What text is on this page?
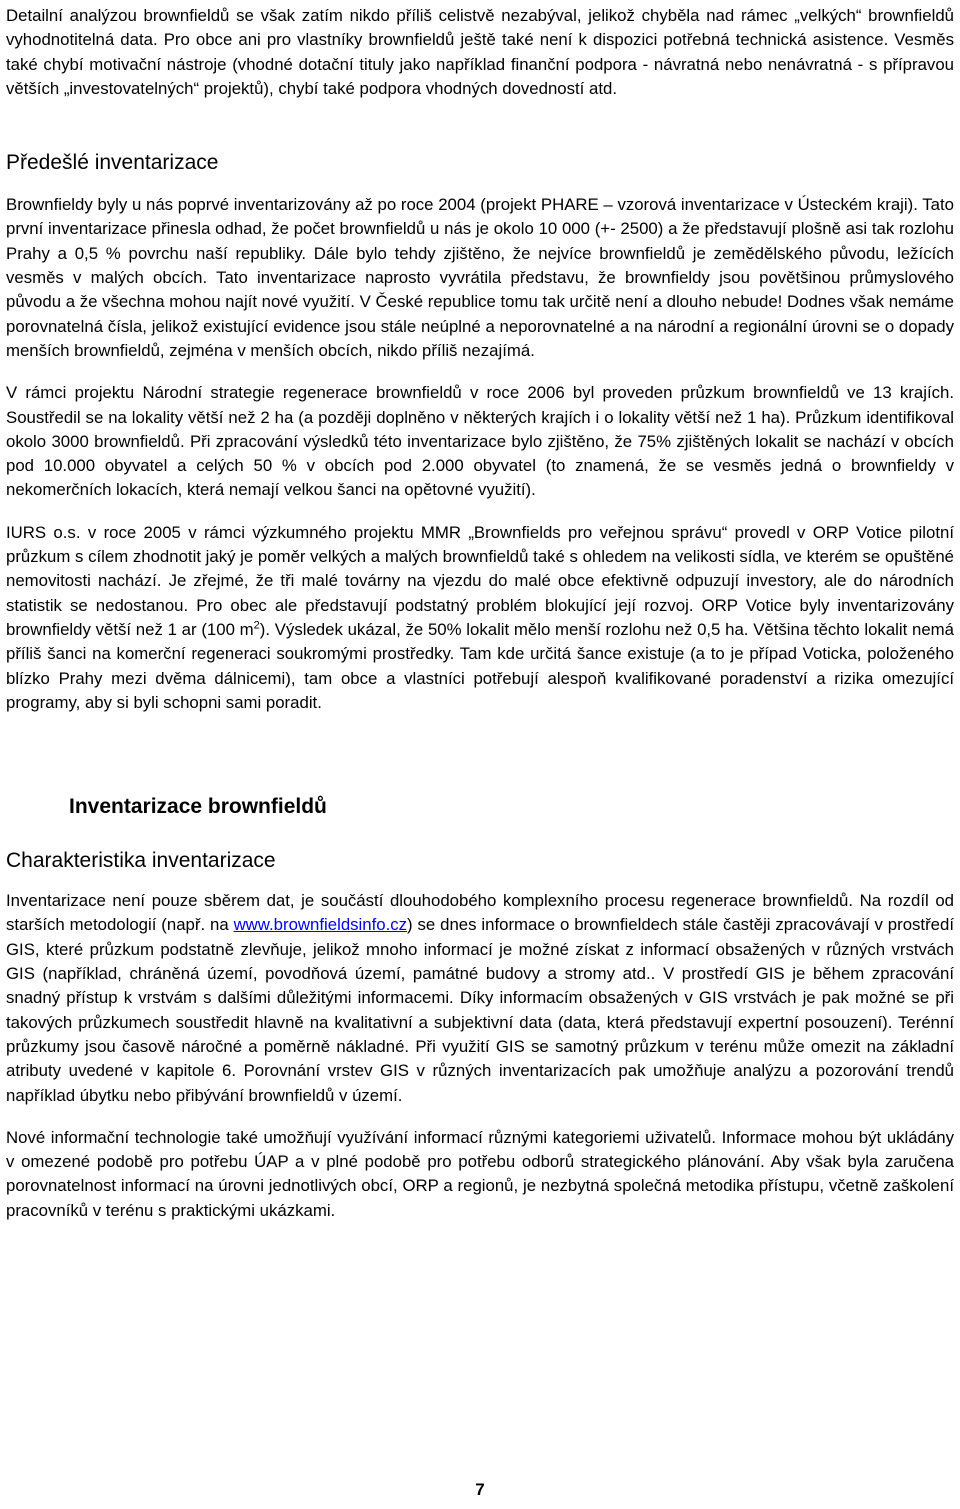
Detailní analýzou brownfieldů se však zatím nikdo příliš celistvě nezabýval, jelikož chyběla nad rámec „velkých“ brownfieldů vyhodnotitelná data. Pro obce ani pro vlastníky brownfieldů ještě také není k dispozici potřebná technická asistence. Vesměs také chybí motivační nástroje (vhodné dotační tituly jako například finanční podpora - návratná nebo nenávratná - s přípravou větších „investovatelných“ projektů), chybí také podpora vhodných dovedností atd.

Předešlé inventarizace

Brownfieldy byly u nás poprvé inventarizovány až po roce 2004 (projekt PHARE – vzorová inventarizace v Ústeckém kraji). Tato první inventarizace přinesla odhad, že počet brownfieldů u nás je okolo 10 000 (+- 2500) a že představují plošně asi tak rozlohu Prahy a 0,5 % povrchu naší republiky. Dále bylo tehdy zjištěno, že nejvíce brownfieldů je zemědělského původu, ležících vesměs v malých obcích. Tato inventarizace naprosto vyvrátila představu, že brownfieldy jsou povětšinou průmyslového původu a že všechna mohou najít nové využití. V České republice tomu tak určitě není a dlouho nebude! Dodnes však nemáme porovnatelná čísla, jelikož existující evidence jsou stále neúplné a neporovnatelné a na národní a regionální úrovni se o dopady menších brownfieldů, zejména v menších obcích, nikdo příliš nezajímá.

V rámci projektu Národní strategie regenerace brownfieldů v roce 2006 byl proveden průzkum brownfieldů ve 13 krajích. Soustředil se na lokality větší než 2 ha (a později doplněno v některých krajích i o lokality větší než 1 ha). Průzkum identifikoval okolo 3000 brownfieldů. Při zpracování výsledků této inventarizace bylo zjištěno, že 75% zjištěných lokalit se nachází v obcích pod 10.000 obyvatel a celých 50 % v obcích pod 2.000 obyvatel (to znamená, že se vesměs jedná o brownfieldy v nekomerčních lokacích, která nemají velkou šanci na opětovné využití).

IURS o.s. v roce 2005 v rámci výzkumného projektu MMR „Brownfields pro veřejnou správu“ provedl v ORP Votice pilotní průzkum s cílem zhodnotit jaký je poměr velkých a malých brownfieldů také s ohledem na velikosti sídla, ve kterém se opuštěné nemovitosti nachází. Je zřejmé, že tři malé továrny na vjezdu do malé obce efektivně odpuzují investory, ale do národních statistik se nedostanou. Pro obec ale představují podstatný problém blokující její rozvoj. ORP Votice byly inventarizovány brownfieldy větší než 1 ar (100 $m^2$). Výsledek ukázal, že 50% lokalit mělo menší rozlohu než 0,5 ha. Většina těchto lokalit nemá příliš šanci na komerční regeneraci soukromými prostředky. Tam kde určitá šance existuje (a to je případ Voticka, položeného blízko Prahy mezi dvěma dálnicemi), tam obce a vlastníci potřebují alespoň kvalifikované poradenství a rizika omezující programy, aby si byli schopni sami poradit.

Inventarizace brownfieldů
Charakteristika inventarizace

Inventarizace není pouze sběrem dat, je součástí dlouhodobého komplexního procesu regenerace brownfieldů. Na rozdíl od starších metodologií (např. na www.brownfieldsinfo.cz) se dnes informace o brownfieldech stále častěji zpracovávají v prostředí GIS, které průzkum podstatně zlevňuje, jelikož mnoho informací je možné získat z informací obsažených v různých vrstvách GIS (například, chráněná území, povodňová území, památné budovy a stromy atd.. V prostředí GIS je během zpracování snadný přístup k vrstvám s dalšími důležitými informacemi. Díky informacím obsažených v GIS vrstvách je pak možné se při takových průzkumech soustředit hlavně na kvalitativní a subjektivní data (data, která představují expertní posouzení). Terénní průzkumy jsou časově náročné a poměrně nákladné. Při využití GIS se samotný průzkum v terénu může omezit na základní atributy uvedené v kapitole 6. Porovnání vrstev GIS v různých inventarizacích pak umožňuje analýzu a pozorování trendů například úbytku nebo přibývání brownfieldů v území.

Nové informační technologie také umožňují využívání informací různými kategoriemi uživatelů. Informace mohou být ukládány v omezené podobě pro potřebu ÚAP a v plné podobě pro potřebu odborů strategického plánování. Aby však byla zaručena porovnatelnost informací na úrovni jednotlivých obcí, ORP a regionů, je nezbytná společná metodika přístupu, včetně zaškolení pracovníků v terénu s praktickými ukázkami.

7
